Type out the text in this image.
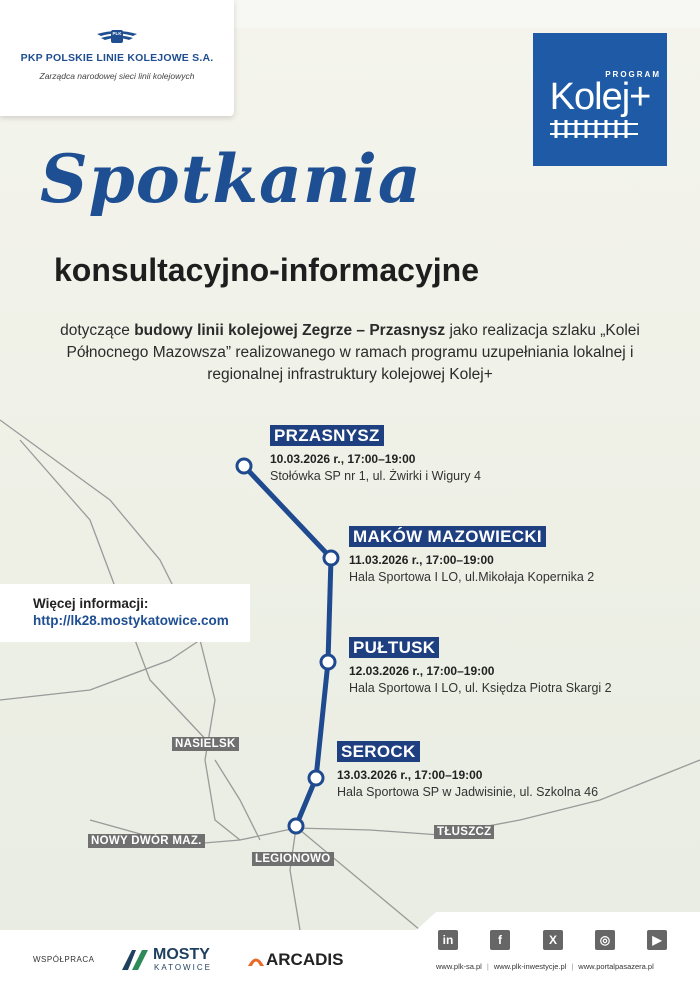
PLK
PKP POLSKIE LINIE KOLEJOWE S.A.
Zarządca narodowej sieci linii kolejowych	PROGRAM
Kolej+
Spotkania
konsultacyjno-informacyjne
dotyczące budowy linii kolejowej Zegrze – Przasnysz jako realizacja szlaku „Kolei Północnego Mazowsza” realizowanego w ramach programu uzupełniania lokalnej i regionalnej infrastruktury kolejowej Kolej+
Więcej informacji:
http://lk28.mostykatowice.com
PRZASNYSZ
10.03.2026 r., 17:00–19:00
Stołówka SP nr 1, ul. Żwirki i Wigury 4
MAKÓW MAZOWIECKI
11.03.2026 r., 17:00–19:00
Hala Sportowa I LO, ul.Mikołaja Kopernika 2
PUŁTUSK
12.03.2026 r., 17:00–19:00
Hala Sportowa I LO, ul. Księdza Piotra Skargi 2
SEROCK
13.03.2026 r., 17:00–19:00
Hala Sportowa SP w Jadwisinie, ul. Szkolna 46
NASIELSK
NOWY DWÓR MAZ.
LEGIONOWO
TŁUSZCZ
WSPÓŁPRACA	MOSTY
KATOWICE	ARCADIS
in	f	X	◎	▶
www.plk-sa.pl | www.plk-inwestycje.pl | www.portalpasazera.pl
